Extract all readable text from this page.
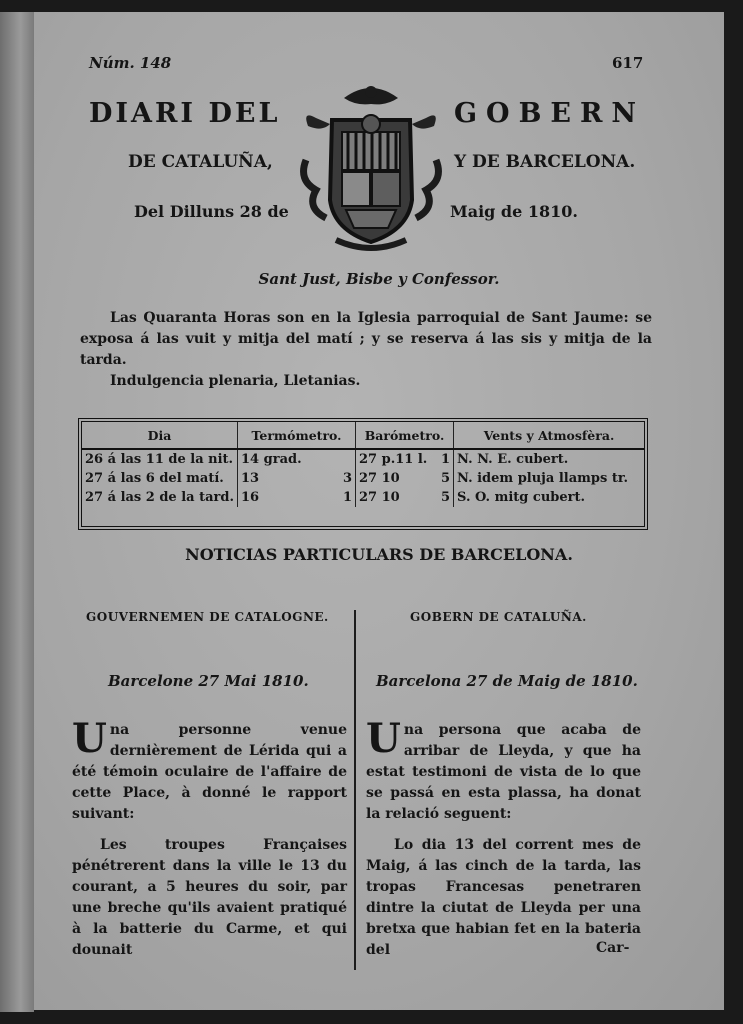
Núm. 148	617
DIARI DEL	GOBERN
DE CATALUÑA,	Y DE BARCELONA.
Del Dilluns 28 de	Maig de 1810.
Sant Just, Bisbe y Confessor.

Las Quaranta Horas son en la Iglesia parroquial de Sant Jaume: se exposa á las vuit y mitja del matí ; y se reserva á las sis y mitja de la tarda.

Indulgencia plenaria, Lletanias.

Dia	Termómetro.	Barómetro.	Vents y Atmosfèra.
26 á las 11 de la nit.	14 grad.	27 p.11 l. 1	N. N. E. cubert.
27 á las 6 del matí.	13 3	27 10 5	N. idem pluja llamps tr.
27 á las 2 de la tard.	16 1	27 10 5	S. O. mitg cubert.
NOTICIAS PARTICULARS DE BARCELONA.
GOUVERNEMEN DE CATALOGNE.	GOBERN DE CATALUÑA.
Barcelone 27 Mai 1810.	Barcelona 27 de Maig de 1810.

Una personne venue dernièrement de Lérida qui a été témoin oculaire de l'affaire de cette Place, à donné le rapport suivant:

Les troupes Françaises pénétrerent dans la ville le 13 du courant, a 5 heures du soir, par une breche qu'ils avaient pratiqué à la batterie du Carme, et qui dounait

Una persona que acaba de arribar de Lleyda, y que ha estat testimoni de vista de lo que se passá en esta plassa, ha donat la relació seguent:

Lo dia 13 del corrent mes de Maig, á las cinch de la tarda, las tropas Francesas penetraren dintre la ciutat de Lleyda per una bretxa que habian fet en la bateria del	Car-
